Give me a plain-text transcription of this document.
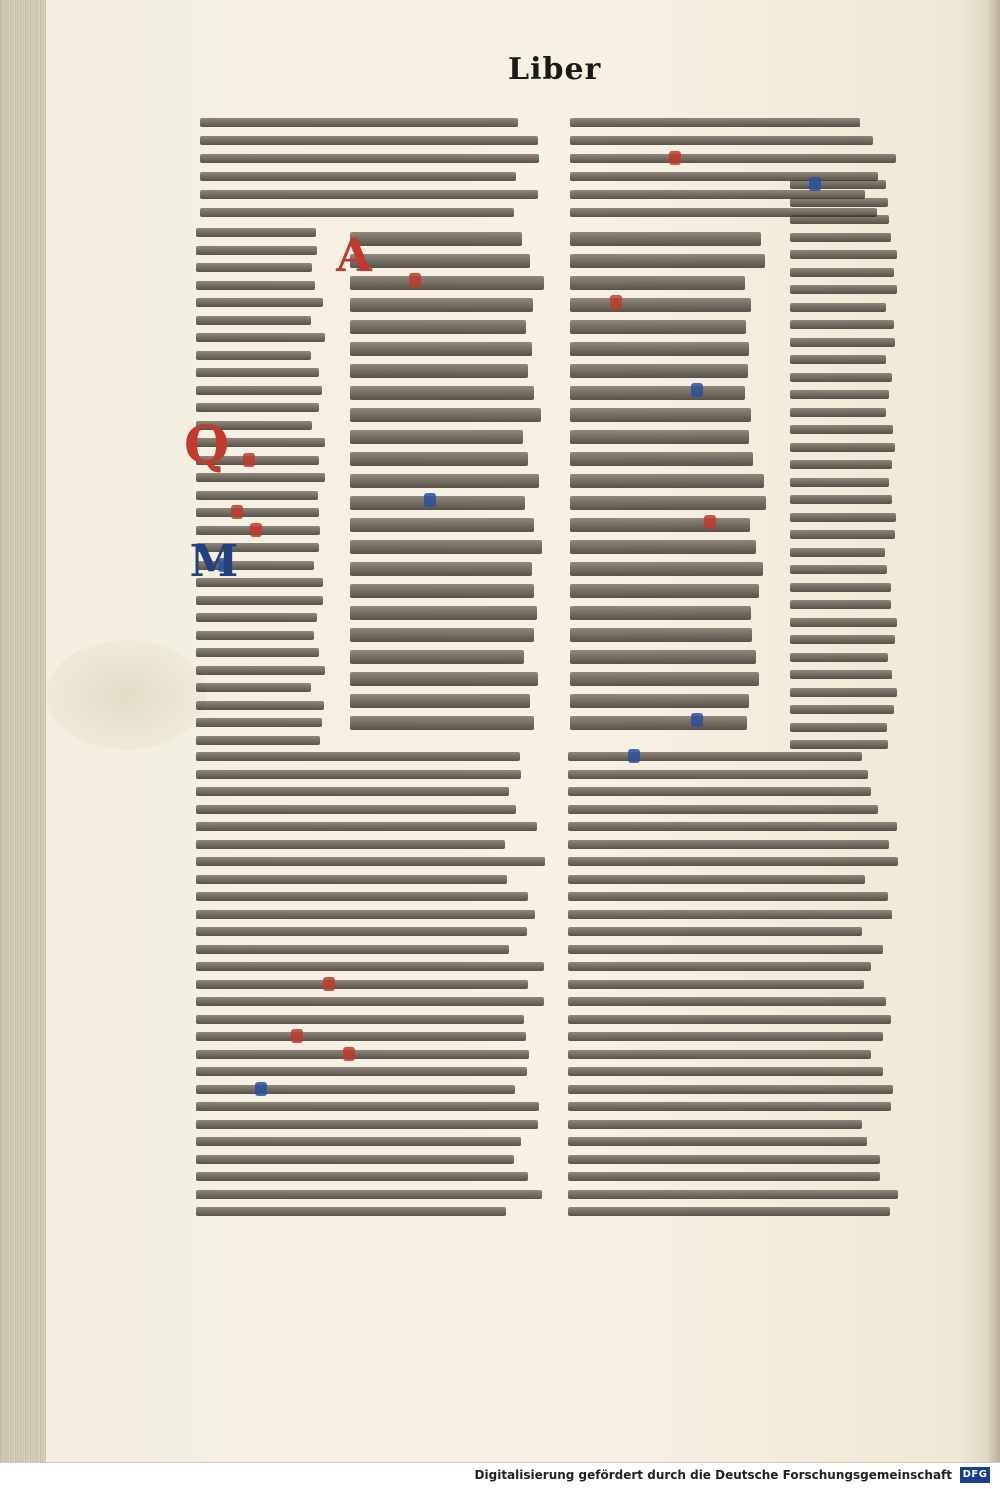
Liber
A
Q
M
Digitalisierung gefördert durch die Deutsche Forschungsgemeinschaft DFG
